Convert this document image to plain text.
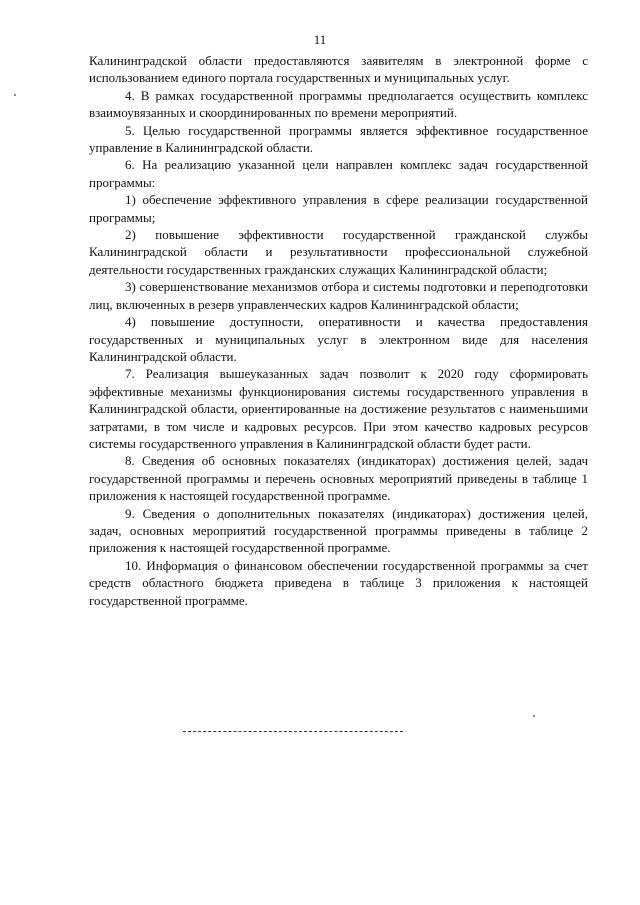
11

Калининградской области предоставляются заявителям в электронной форме с использованием единого портала государственных и муниципальных услуг.

4. В рамках государственной программы предполагается осуществить комплекс взаимоувязанных и скоординированных по времени мероприятий.

5. Целью государственной программы является эффективное государственное управление в Калининградской области.

6. На реализацию указанной цели направлен комплекс задач государственной программы:

1) обеспечение эффективного управления в сфере реализации государственной программы;

2) повышение эффективности государственной гражданской службы Калининградской области и результативности профессиональной служебной деятельности государственных гражданских служащих Калининградской области;

3) совершенствование механизмов отбора и системы подготовки и переподготовки лиц, включенных в резерв управленческих кадров Калининградской области;

4) повышение доступности, оперативности и качества предоставления государственных и муниципальных услуг в электронном виде для населения Калининградской области.

7. Реализация вышеуказанных задач позволит к 2020 году сформировать эффективные механизмы функционирования системы государственного управления в Калининградской области, ориентированные на достижение результатов с наименьшими затратами, в том числе и кадровых ресурсов. При этом качество кадровых ресурсов системы государственного управления в Калининградской области будет расти.

8. Сведения об основных показателях (индикаторах) достижения целей, задач государственной программы и перечень основных мероприятий приведены в таблице 1 приложения к настоящей государственной программе.

9. Сведения о дополнительных показателях (индикаторах) достижения целей, задач, основных мероприятий государственной программы приведены в таблице 2 приложения к настоящей государственной программе.

10. Информация о финансовом обеспечении государственной программы за счет средств областного бюджета приведена в таблице 3 приложения к настоящей государственной программе.
